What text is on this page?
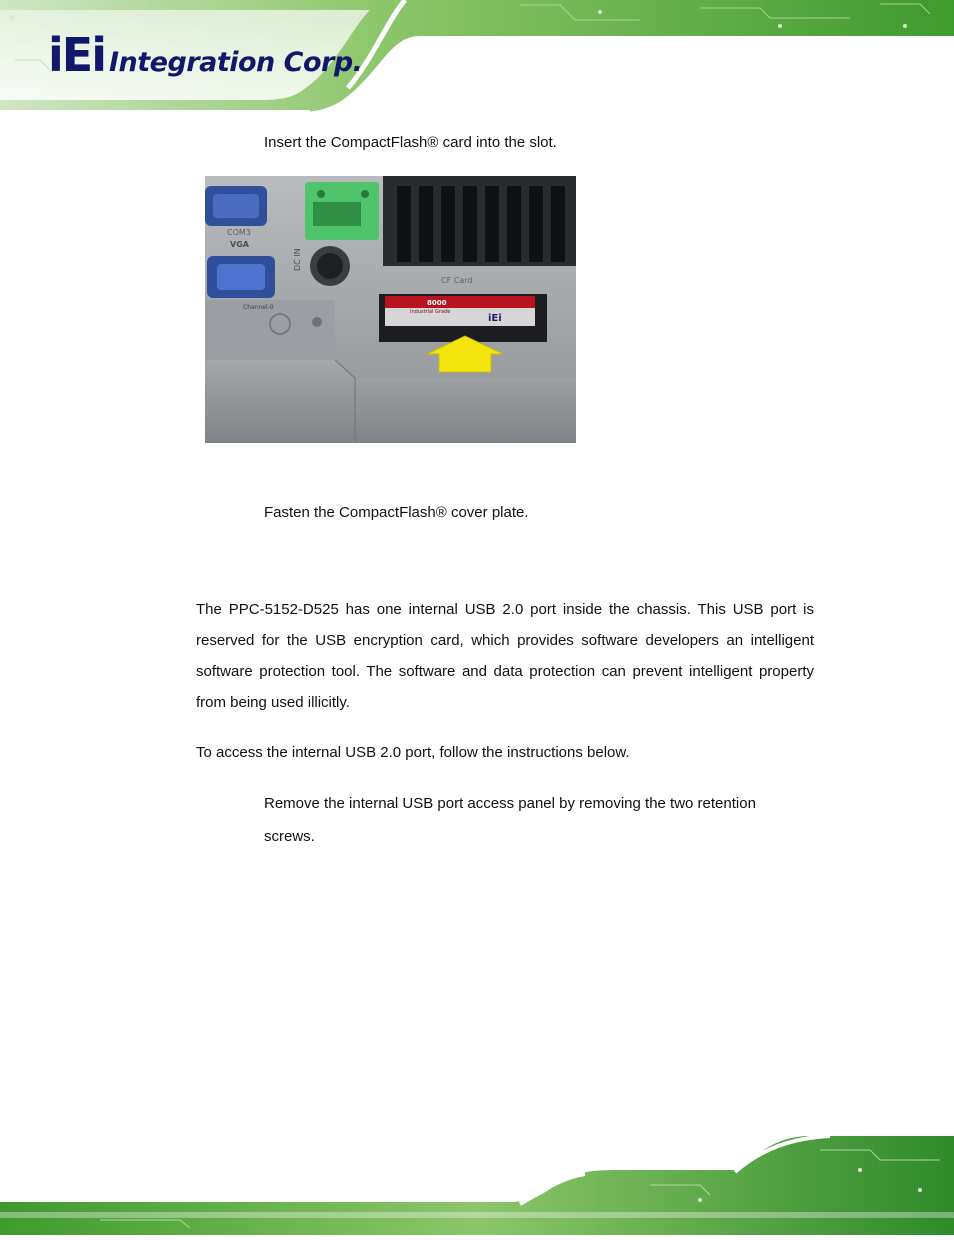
iEi Integration Corp.
Insert the CompactFlash® card into the slot.
COM3
VGA
DC IN
CF Card
Channel-0
8000
Industrial Grade
iEi
Fasten the CompactFlash® cover plate.
The PPC-5152-D525 has one internal USB 2.0 port inside the chassis. This USB port is reserved for the USB encryption card, which provides software developers an intelligent software protection tool. The software and data protection can prevent intelligent property from being used illicitly.
To access the internal USB 2.0 port, follow the instructions below.
Remove the internal USB port access panel by removing the two retention screws.
